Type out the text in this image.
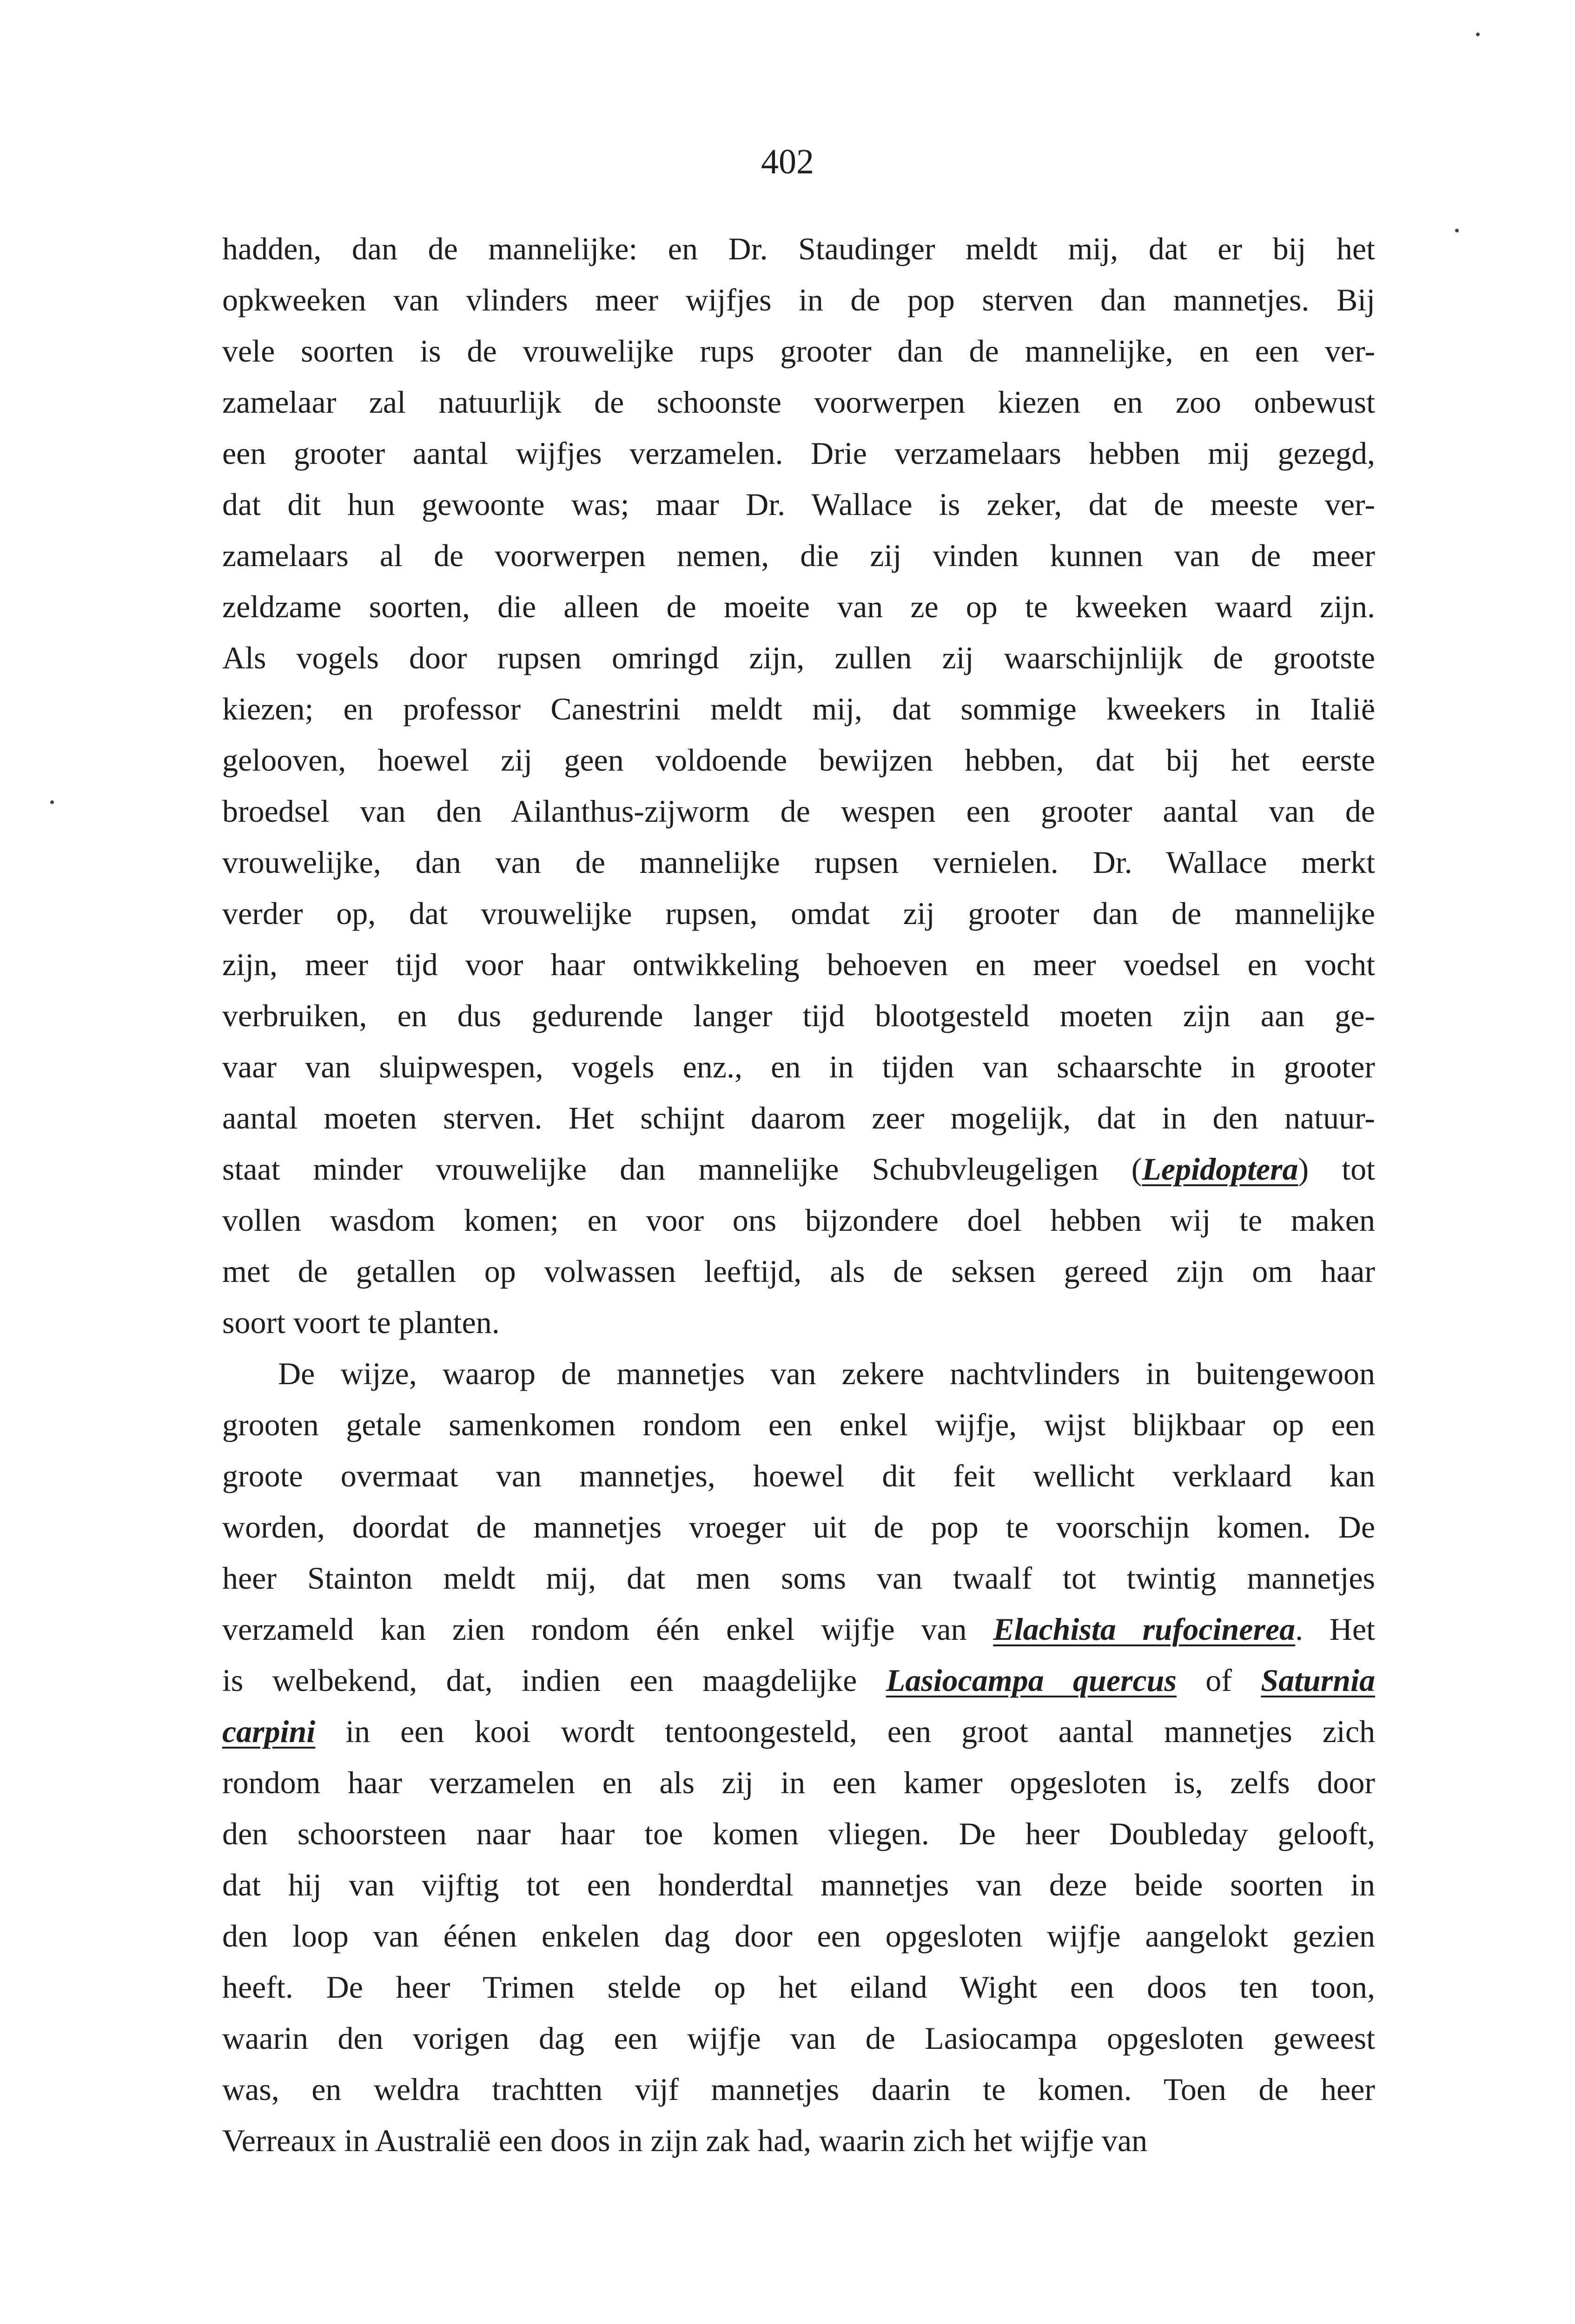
402
hadden, dan de mannelijke: en Dr. Staudinger meldt mij, dat er bij het
opkweeken van vlinders meer wijfjes in de pop sterven dan mannetjes. Bij
vele soorten is de vrouwelijke rups grooter dan de mannelijke, en een ver-
zamelaar zal natuurlijk de schoonste voorwerpen kiezen en zoo onbewust
een grooter aantal wijfjes verzamelen. Drie verzamelaars hebben mij gezegd,
dat dit hun gewoonte was; maar Dr. Wallace is zeker, dat de meeste ver-
zamelaars al de voorwerpen nemen, die zij vinden kunnen van de meer
zeldzame soorten, die alleen de moeite van ze op te kweeken waard zijn.
Als vogels door rupsen omringd zijn, zullen zij waarschijnlijk de grootste
kiezen; en professor Canestrini meldt mij, dat sommige kweekers in Italië
gelooven, hoewel zij geen voldoende bewijzen hebben, dat bij het eerste
broedsel van den Ailanthus-zijworm de wespen een grooter aantal van de
vrouwelijke, dan van de mannelijke rupsen vernielen. Dr. Wallace merkt
verder op, dat vrouwelijke rupsen, omdat zij grooter dan de mannelijke
zijn, meer tijd voor haar ontwikkeling behoeven en meer voedsel en vocht
verbruiken, en dus gedurende langer tijd blootgesteld moeten zijn aan ge-
vaar van sluipwespen, vogels enz., en in tijden van schaarschte in grooter
aantal moeten sterven. Het schijnt daarom zeer mogelijk, dat in den natuur-
staat minder vrouwelijke dan mannelijke Schubvleugeligen (Lepidoptera) tot
vollen wasdom komen; en voor ons bijzondere doel hebben wij te maken
met de getallen op volwassen leeftijd, als de seksen gereed zijn om haar
soort voort te planten.
De wijze, waarop de mannetjes van zekere nachtvlinders in buitengewoon
grooten getale samenkomen rondom een enkel wijfje, wijst blijkbaar op een
groote overmaat van mannetjes, hoewel dit feit wellicht verklaard kan
worden, doordat de mannetjes vroeger uit de pop te voorschijn komen. De
heer Stainton meldt mij, dat men soms van twaalf tot twintig mannetjes
verzameld kan zien rondom één enkel wijfje van Elachista rufocinerea. Het
is welbekend, dat, indien een maagdelijke Lasiocampa quercus of Saturnia
carpini in een kooi wordt tentoongesteld, een groot aantal mannetjes zich
rondom haar verzamelen en als zij in een kamer opgesloten is, zelfs door
den schoorsteen naar haar toe komen vliegen. De heer Doubleday gelooft,
dat hij van vijftig tot een honderdtal mannetjes van deze beide soorten in
den loop van éénen enkelen dag door een opgesloten wijfje aangelokt gezien
heeft. De heer Trimen stelde op het eiland Wight een doos ten toon,
waarin den vorigen dag een wijfje van de Lasiocampa opgesloten geweest
was, en weldra trachtten vijf mannetjes daarin te komen. Toen de heer
Verreaux in Australië een doos in zijn zak had, waarin zich het wijfje van
